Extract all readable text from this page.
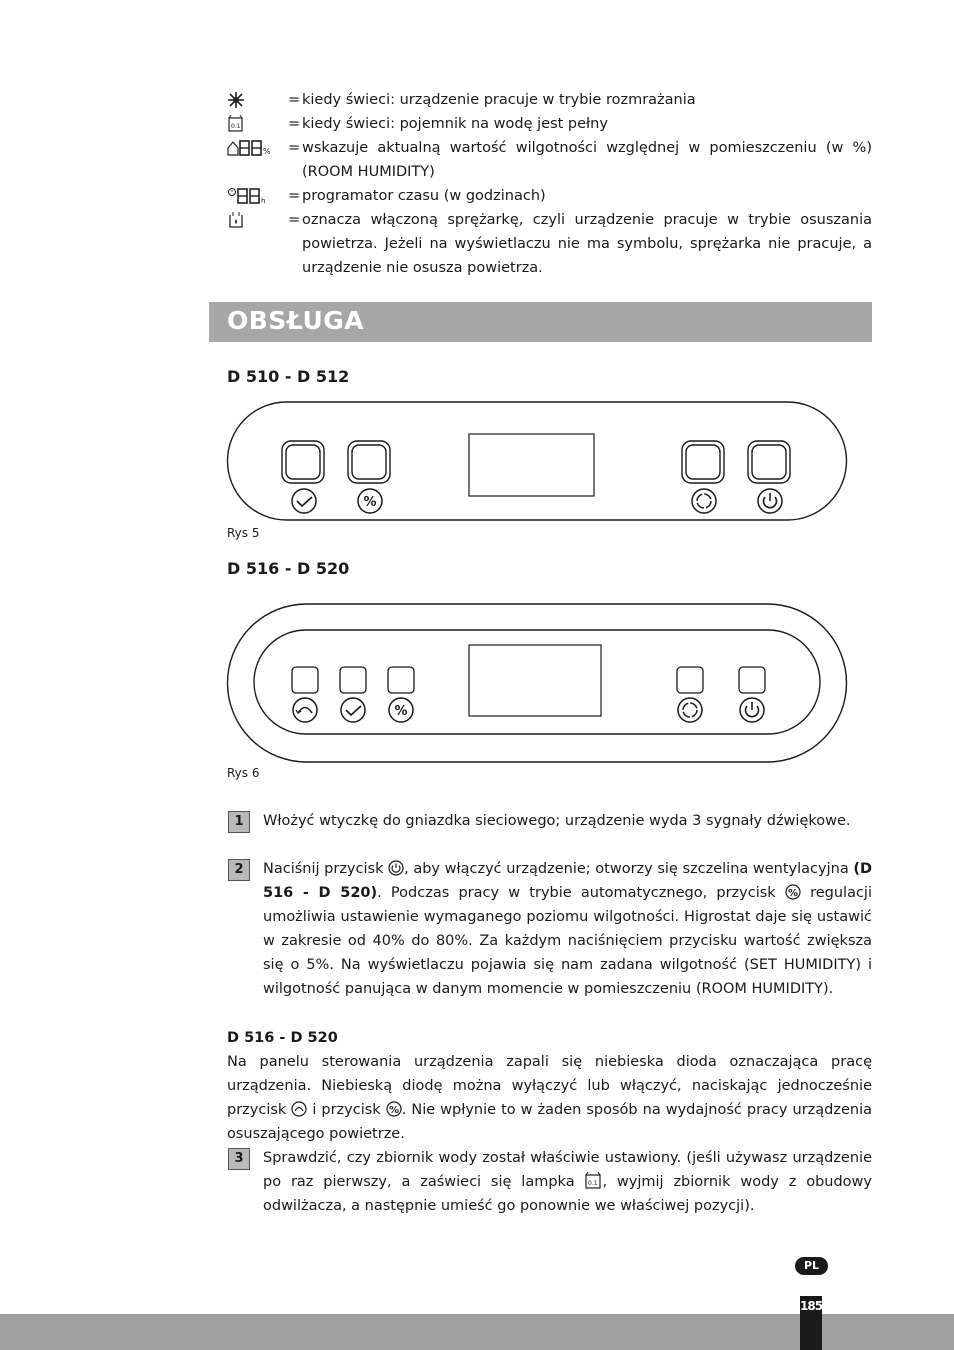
= kiedy świeci: urządzenie pracuje w trybie rozmrażania
0.1	= kiedy świeci: pojemnik na wodę jest pełny
% = wskazuje aktualną wartość wilgotności względnej w pomieszczeniu (w %) (ROOM HUMIDITY)
h = programator czasu (w godzinach)
= oznacza włączoną sprężarkę, czyli urządzenie pracuje w trybie osuszania powietrza. Jeżeli na wyświetlaczu nie ma symbolu, sprężarka nie pracuje, a urządzenie nie osusza powietrza.
OBSŁUGA
D 510 - D 512
%
Rys 5
D 516 - D 520
%
Rys 6
1	Włożyć wtyczkę do gniazdka sieciowego; urządzenie wyda 3 sygnały dźwiękowe.
2	Naciśnij przycisk , aby włączyć urządzenie; otworzy się szczelina wentylacyjna (D 516 - D 520). Podczas pracy w trybie automatycznego, przycisk % regulacji umożliwia ustawienie wymaganego poziomu wilgotności. Higrostat daje się ustawić w zakresie od 40% do 80%. Za każdym naciśnięciem przycisku wartość zwiększa się o 5%. Na wyświetlaczu pojawia się nam zadana wilgotność (SET HUMIDITY) i wilgotność panująca w danym momencie w pomieszczeniu (ROOM HUMIDITY).
D 516 - D 520
Na panelu sterowania urządzenia zapali się niebieska dioda oznaczająca pracę urządzenia. Niebieską diodę można wyłączyć lub włączyć, naciskając jednocześnie przycisk  i przycisk % . Nie wpłynie to w żaden sposób na wydajność pracy urządzenia osuszającego powietrze.
3	Sprawdzić, czy zbiornik wody został właściwie ustawiony. (jeśli używasz urządzenie po raz pierwszy, a zaświeci się lampka 0.1 , wyjmij zbiornik wody z obudowy odwilżacza, a następnie umieść go ponownie we właściwej pozycji).
PL
185
